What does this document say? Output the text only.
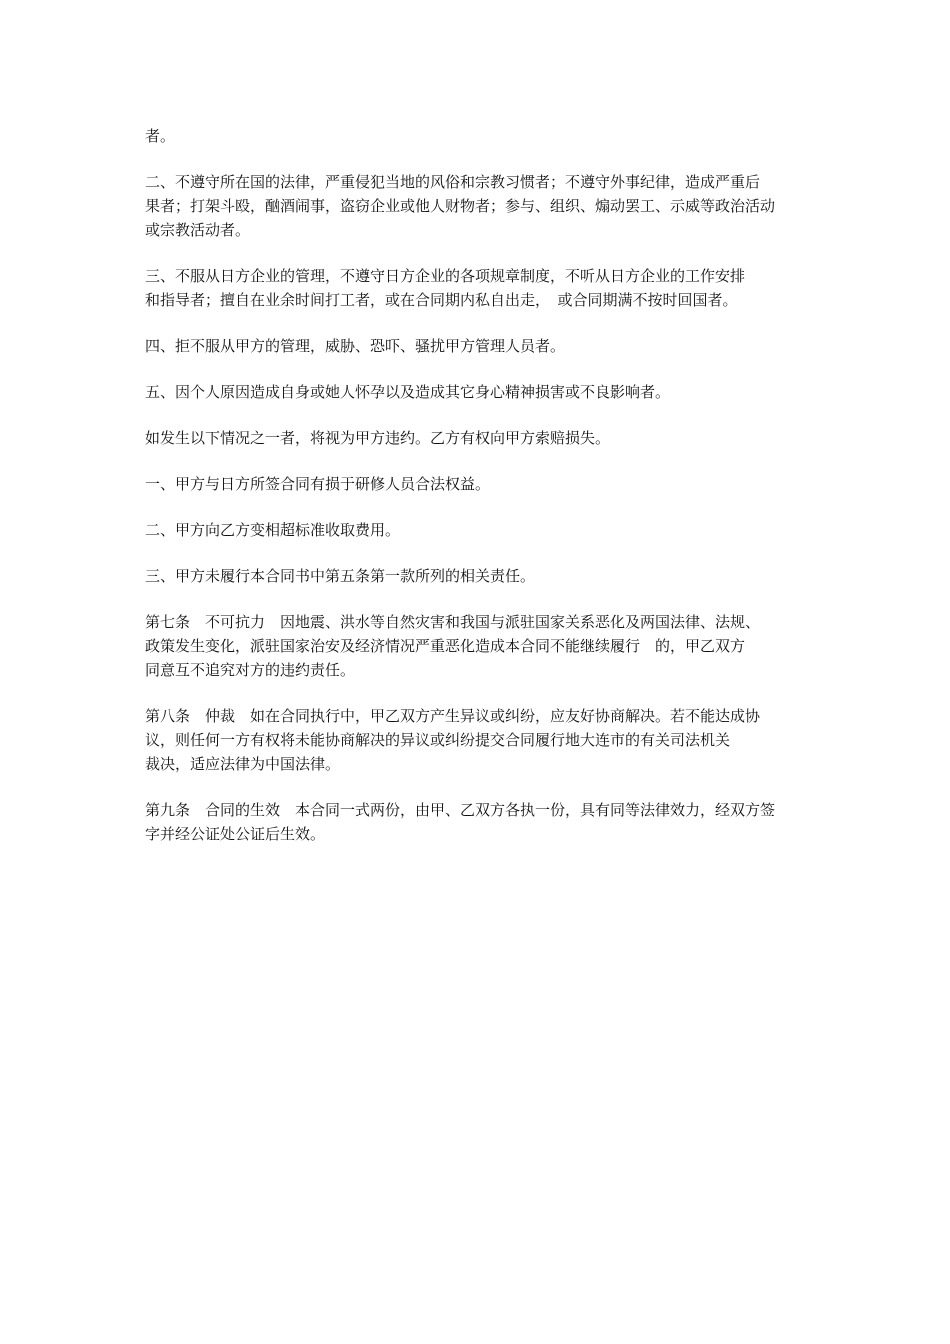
者。

二、不遵守所在国的法律，严重侵犯当地的风俗和宗教习惯者；不遵守外事纪律，造成严重后
果者；打架斗殴，酗酒闹事，盗窃企业或他人财物者；参与、组织、煽动罢工、示威等政治活动
或宗教活动者。

三、不服从日方企业的管理，不遵守日方企业的各项规章制度，不听从日方企业的工作安排
和指导者；擅自在业余时间打工者，或在合同期内私自出走，　或合同期满不按时回国者。

四、拒不服从甲方的管理，威胁、恐吓、骚扰甲方管理人员者。

五、因个人原因造成自身或她人怀孕以及造成其它身心精神损害或不良影响者。

如发生以下情况之一者，将视为甲方违约。乙方有权向甲方索赔损失。

一、甲方与日方所签合同有损于研修人员合法权益。

二、甲方向乙方变相超标准收取费用。

三、甲方未履行本合同书中第五条第一款所列的相关责任。

第七条　不可抗力　因地震、洪水等自然灾害和我国与派驻国家关系恶化及两国法律、法规、
政策发生变化，派驻国家治安及经济情况严重恶化造成本合同不能继续履行　的，甲乙双方
同意互不追究对方的违约责任。

第八条　仲裁　如在合同执行中，甲乙双方产生异议或纠纷，应友好协商解决。若不能达成协
议，则任何一方有权将未能协商解决的异议或纠纷提交合同履行地大连市的有关司法机关
裁决，适应法律为中国法律。

第九条　合同的生效　本合同一式两份，由甲、乙双方各执一份，具有同等法律效力，经双方签
字并经公证处公证后生效。
